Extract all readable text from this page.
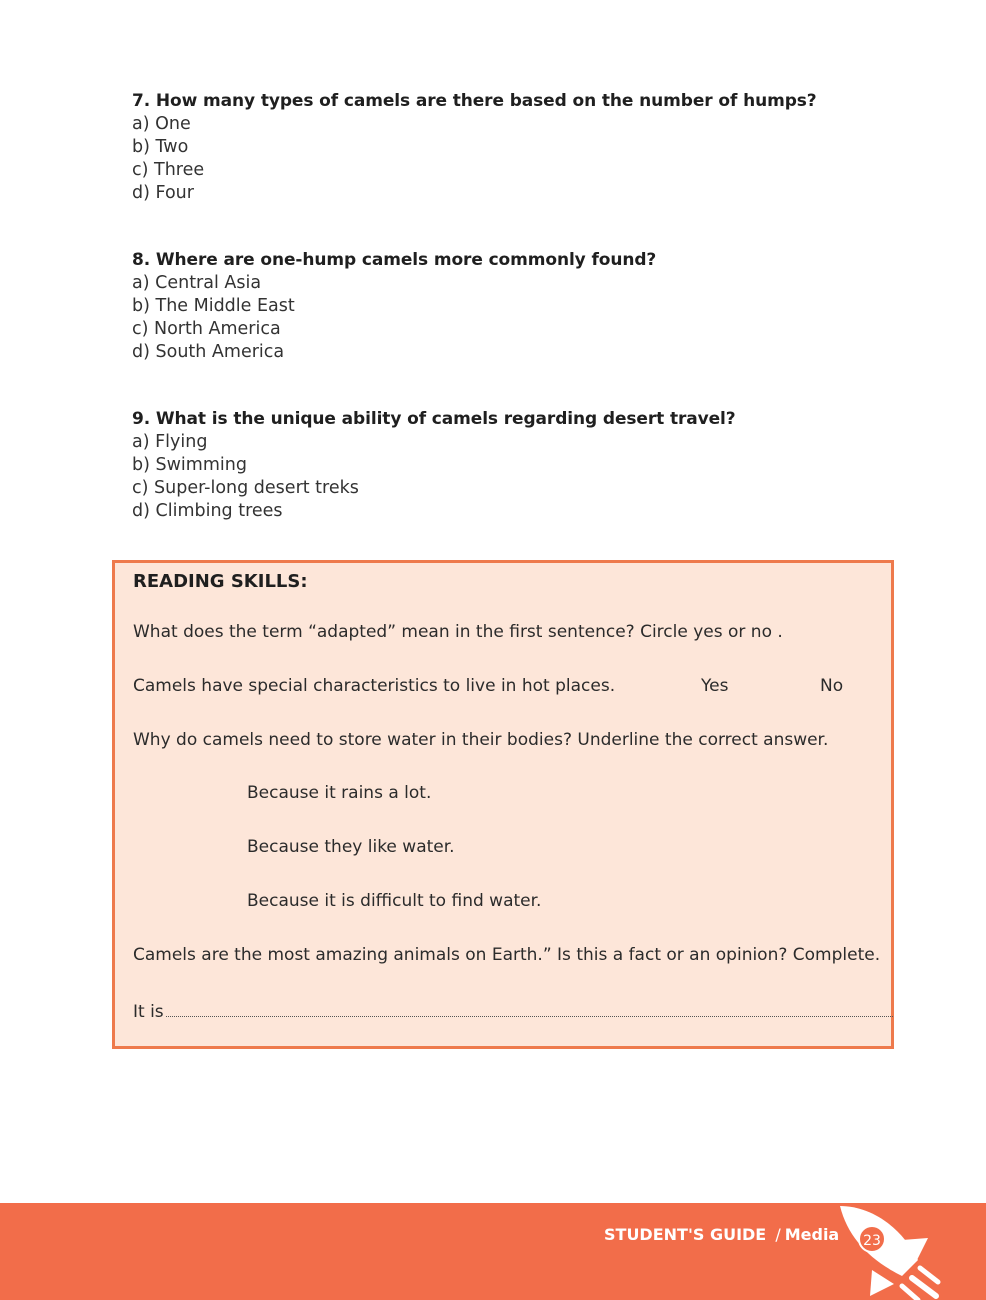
7. How many types of camels are there based on the number of humps?
a) One
b) Two
c) Three
d) Four
8. Where are one-hump camels more commonly found?
a) Central Asia
b) The Middle East
c) North America
d) South America
9. What is the unique ability of camels regarding desert travel?
a) Flying
b) Swimming
c) Super-long desert treks
d) Climbing trees
READING SKILLS:
What does the term “adapted” mean in the first sentence? Circle yes or no .
Camels have special characteristics to live in hot places.	Yes	No
Why do camels need to store water in their bodies? Underline the correct answer.
Because it rains a lot.
Because they like water.
Because it is difficult to find water.
Camels are the most amazing animals on Earth.” Is this a fact or an opinion? Complete.
It is
STUDENT'S GUIDE / Media	23
